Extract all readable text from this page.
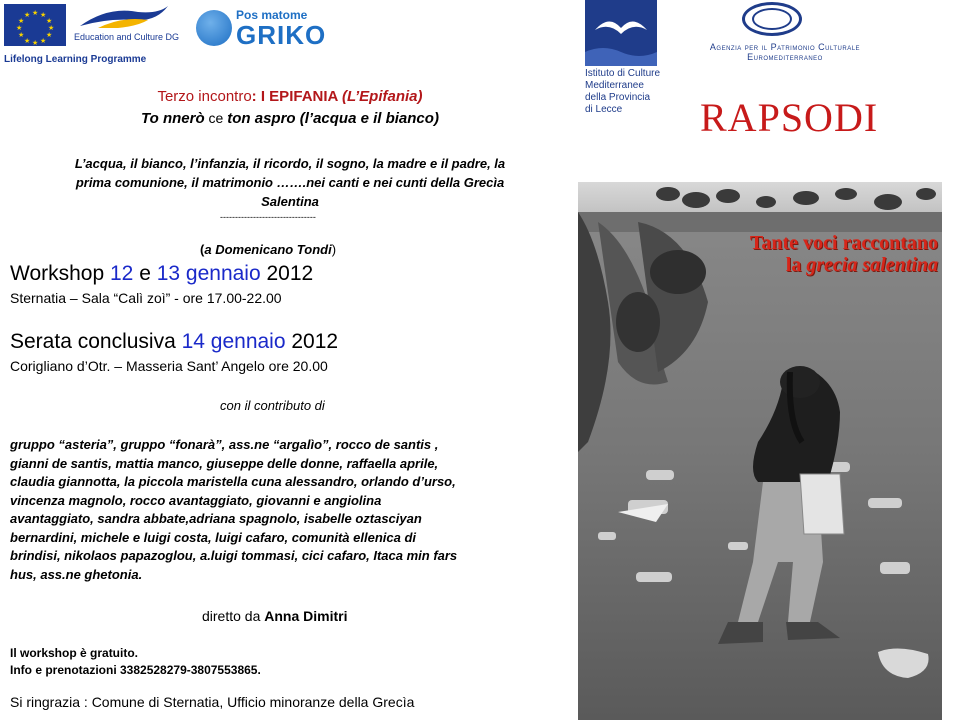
★ ★
★
★
★
★
★
★
★
★
★
★
Education and Culture DG
Lifelong Learning Programme
Pos matome
GRIKO
Istituto di Culture
Mediterranee
della Provincia
di Lecce
Agenzia per il Patrimonio Culturale
Euromediterraneo
RAPSODI
Tante voci raccontano
la grecia salentina
Terzo incontro: I EPIFANIA (L’Epifania)
To nnerò ce ton aspro (l’acqua e il bianco)
L’acqua, il bianco, l’infanzia, il ricordo, il sogno, la madre e il padre, la
prima comunione, il matrimonio …….nei canti e nei cunti della Grecìa
Salentina
--------------------------------
(a Domenicano Tondi)
Workshop 12 e 13 gennaio 2012
Sternatia – Sala “Calì zoì” - ore 17.00-22.00
Serata conclusiva 14 gennaio 2012
Corigliano d’Otr. – Masseria Sant’ Angelo ore 20.00
con il contributo di
gruppo “asteria”, gruppo “fonarà”, ass.ne “argalìo”, rocco de santis ,
gianni de santis, mattia manco, giuseppe delle donne, raffaella aprile,
claudia giannotta, la piccola maristella cuna alessandro, orlando d’urso,
vincenza magnolo, rocco avantaggiato, giovanni e angiolina
avantaggiato, sandra abbate,adriana spagnolo, isabelle oztasciyan
bernardini, michele e luigi costa, luigi cafaro, comunità ellenica di
brindisi, nikolaos papazoglou, a.luigi tommasi, cici cafaro, Itaca min fars
hus, ass.ne ghetonia.
diretto da Anna Dimitri
Il workshop è gratuito.
Info e prenotazioni 3382528279-3807553865.
Si ringrazia : Comune di Sternatia, Ufficio minoranze della Grecìa
